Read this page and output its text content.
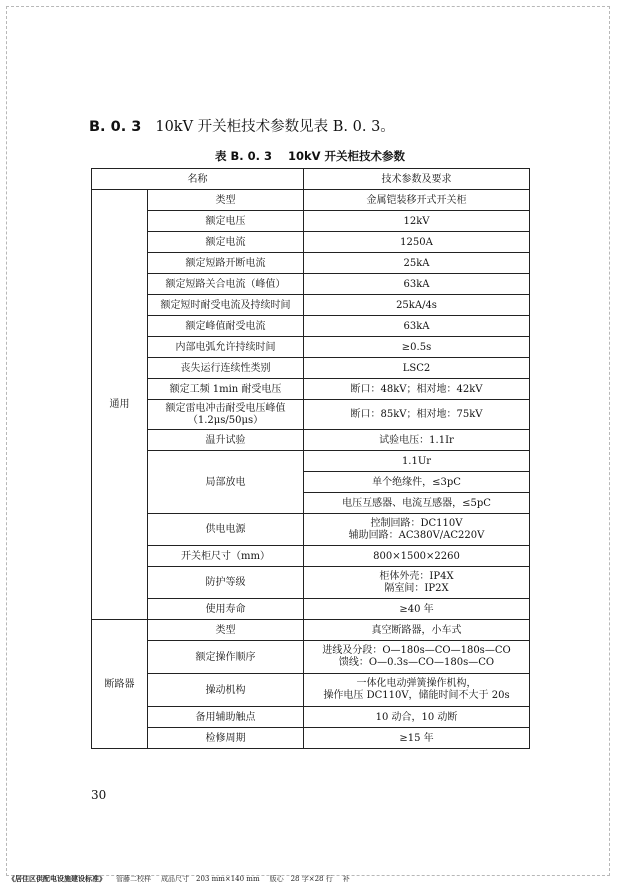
B. 0. 3 10kV 开关柜技术参数见表 B. 0. 3。
表 B. 0. 3 10kV 开关柜技术参数
名称		技术参数及要求
通用	类型	金属铠装移开式开关柜
	额定电压	12kV
	额定电流	1250A
	额定短路开断电流	25kA
	额定短路关合电流（峰值）	63kA
	额定短时耐受电流及持续时间	25kA/4s
	额定峰值耐受电流	63kA
	内部电弧允许持续时间	≥0.5s
	丧失运行连续性类别	LSC2
	额定工频 1min 耐受电压	断口：48kV；相对地：42kV

	额定雷电冲击耐受电压峰值
（1.2μs/50μs）	断口：85kV；相对地：75kV
	温升试验	试验电压：1.1Ir
	局部放电	1.1Ur
		单个绝缘件，≤3pC
		电压互感器、电流互感器，≤5pC
	供电电源	控制回路：DC110V
辅助回路：AC380V/AC220V

	开关柜尺寸（mm）	800×1500×2260
	防护等级	柜体外壳：IP4X
隔室间：IP2X

	使用寿命	≥40 年
断路器	类型	真空断路器，小车式
	额定操作顺序	进线及分段：O—180s—CO—180s—CO
馈线：O—0.3s—CO—180s—CO

	操动机构	一体化电动弹簧操作机构，
操作电压 DC110V，储能时间不大于 20s

	备用辅助触点	10 动合，10 动断
	检修周期	≥15 年
30
《居住区供配电设施建设标准》 管藤二校样 成品尺寸　203 mm×140 mm 版心　28 字×28 行 补
